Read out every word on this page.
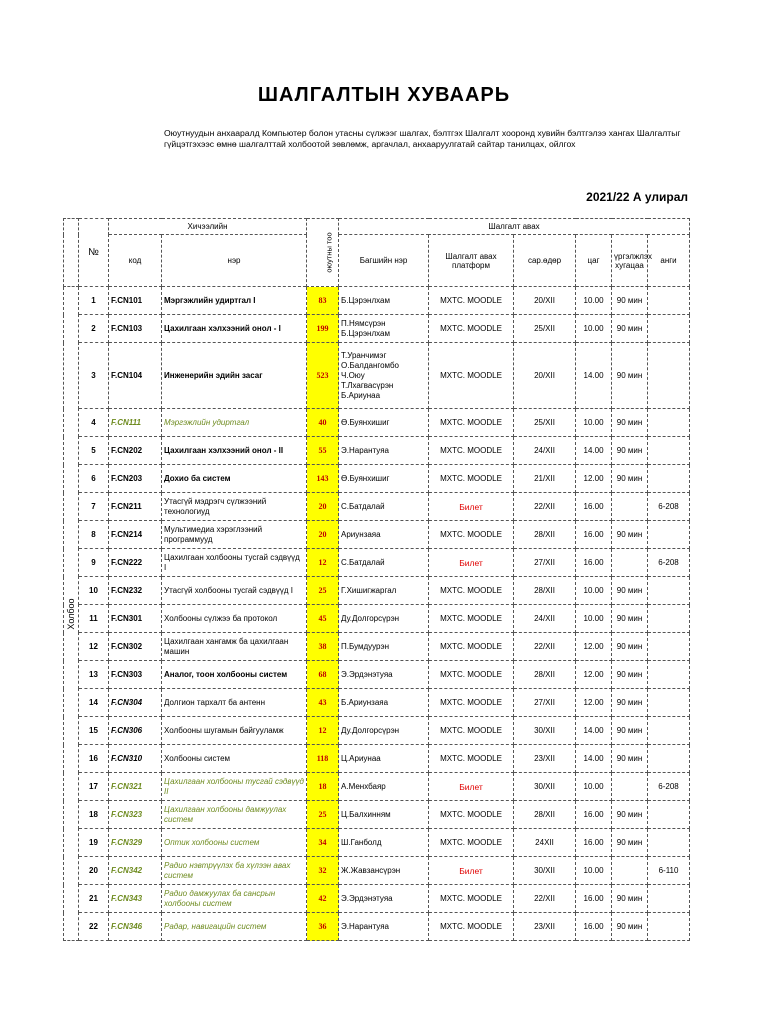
ШАЛГАЛТЫН ХУВААРЬ
Оюутнуудын анхааралд Компьютер болон утасны сүлжээг шалгах, бэлтгэх Шалгалт хооронд хувийн бэлтгэлээ хангах Шалгалтыг гүйцэтгэхээс өмнө шалгалттай холбоотой зөвлөмж, аргачлал, анхааруулгатай сайтар танилцах, ойлгох
2021/22 А улирал
	№	Хичээлийн		оюутны тоо	Шалгалт авах					
		код	нэр		Багшийн нэр	Шалгалт авах платформ	сар.өдөр	цаг	үргэлжлэх хугацаа	анги

Холбоо	1	F.CN101	Мэргэжлийн удиртгал I	83	Б.Цэрэнлхам	МХТС. MOODLE	20/XII	10.00	90 мин	
	2	F.CN103	Цахилгаан хэлхээний онол - I	199	П.Нямсүрэн
Б.Цэрэнлхам	МХТС. MOODLE	25/XII	10.00	90 мин	
	3	F.CN104	Инженерийн эдийн засаг	523	Т.Уранчимэг
О.Балдангомбо
Ч.Оюу
Т.Лхагвасүрэн
Б.Ариунаа	МХТС. MOODLE	20/XII	14.00	90 мин	
	4	F.CN111	Мэргэжлийн удиртгал	40	Ө.Буянхишиг	МХТС. MOODLE	25/XII	10.00	90 мин	
	5	F.CN202	Цахилгаан хэлхээний онол - II	55	Э.Нарантуяа	МХТС. MOODLE	24/XII	14.00	90 мин	
	6	F.CN203	Дохио ба систем	143	Ө.Буянхишиг	МХТС. MOODLE	21/XII	12.00	90 мин	
	7	F.CN211	Утасгүй мэдрэгч сүлжээний технологиуд	20	С.Батдалай	Билет	22/XII	16.00		6-208
	8	F.CN214	Мультимедиа хэрэглээний программууд	20	Ариунзаяа	МХТС. MOODLE	28/XII	16.00	90 мин	
	9	F.CN222	Цахилгаан холбооны тусгай сэдвүүд I	12	С.Батдалай	Билет	27/XII	16.00		6-208
	10	F.CN232	Утасгүй холбооны тусгай сэдвүүд I	25	Г.Хишигжаргал	МХТС. MOODLE	28/XII	10.00	90 мин	
	11	F.CN301	Холбооны сүлжээ ба протокол	45	Ду.Долгорсүрэн	МХТС. MOODLE	24/XII	10.00	90 мин	
	12	F.CN302	Цахилгаан хангамж ба цахилгаан машин	38	П.Бумдуурэн	МХТС. MOODLE	22/XII	12.00	90 мин	
	13	F.CN303	Аналог, тоон холбооны систем	68	Э.Эрдэнэтуяа	МХТС. MOODLE	28/XII	12.00	90 мин	
	14	F.CN304	Долгион тархалт ба антенн	43	Б.Ариунзаяа	МХТС. MOODLE	27/XII	12.00	90 мин	
	15	F.CN306	Холбооны шугамын байгууламж	12	Ду.Долгорсүрэн	МХТС. MOODLE	30/XII	14.00	90 мин	
	16	F.CN310	Холбооны систем	118	Ц.Ариунаа	МХТС. MOODLE	23/XII	14.00	90 мин	
	17	F.CN321	Цахилгаан холбооны тусгай сэдвүүд II	18	А.Менхбаяр	Билет	30/XII	10.00		6-208
	18	F.CN323	Цахилгаан холбооны дамжуулах систем	25	Ц.Балхинням	МХТС. MOODLE	28/XII	16.00	90 мин	
	19	F.CN329	Оптик холбооны систем	34	Ш.Ганболд	МХТС. MOODLE	24XII	16.00	90 мин	
	20	F.CN342	Радио нэвтрүүлэх ба хүлээн авах систем	32	Ж.Жавзансүрэн	Билет	30/XII	10.00		6-110
	21	F.CN343	Радио дамжуулах ба сансрын холбооны систем	42	Э.Эрдэнэтуяа	МХТС. MOODLE	22/XII	16.00	90 мин	
	22	F.CN346	Радар, навигацийн систем	36	Э.Нарантуяа	МХТС. MOODLE	23/XII	16.00	90 мин	
